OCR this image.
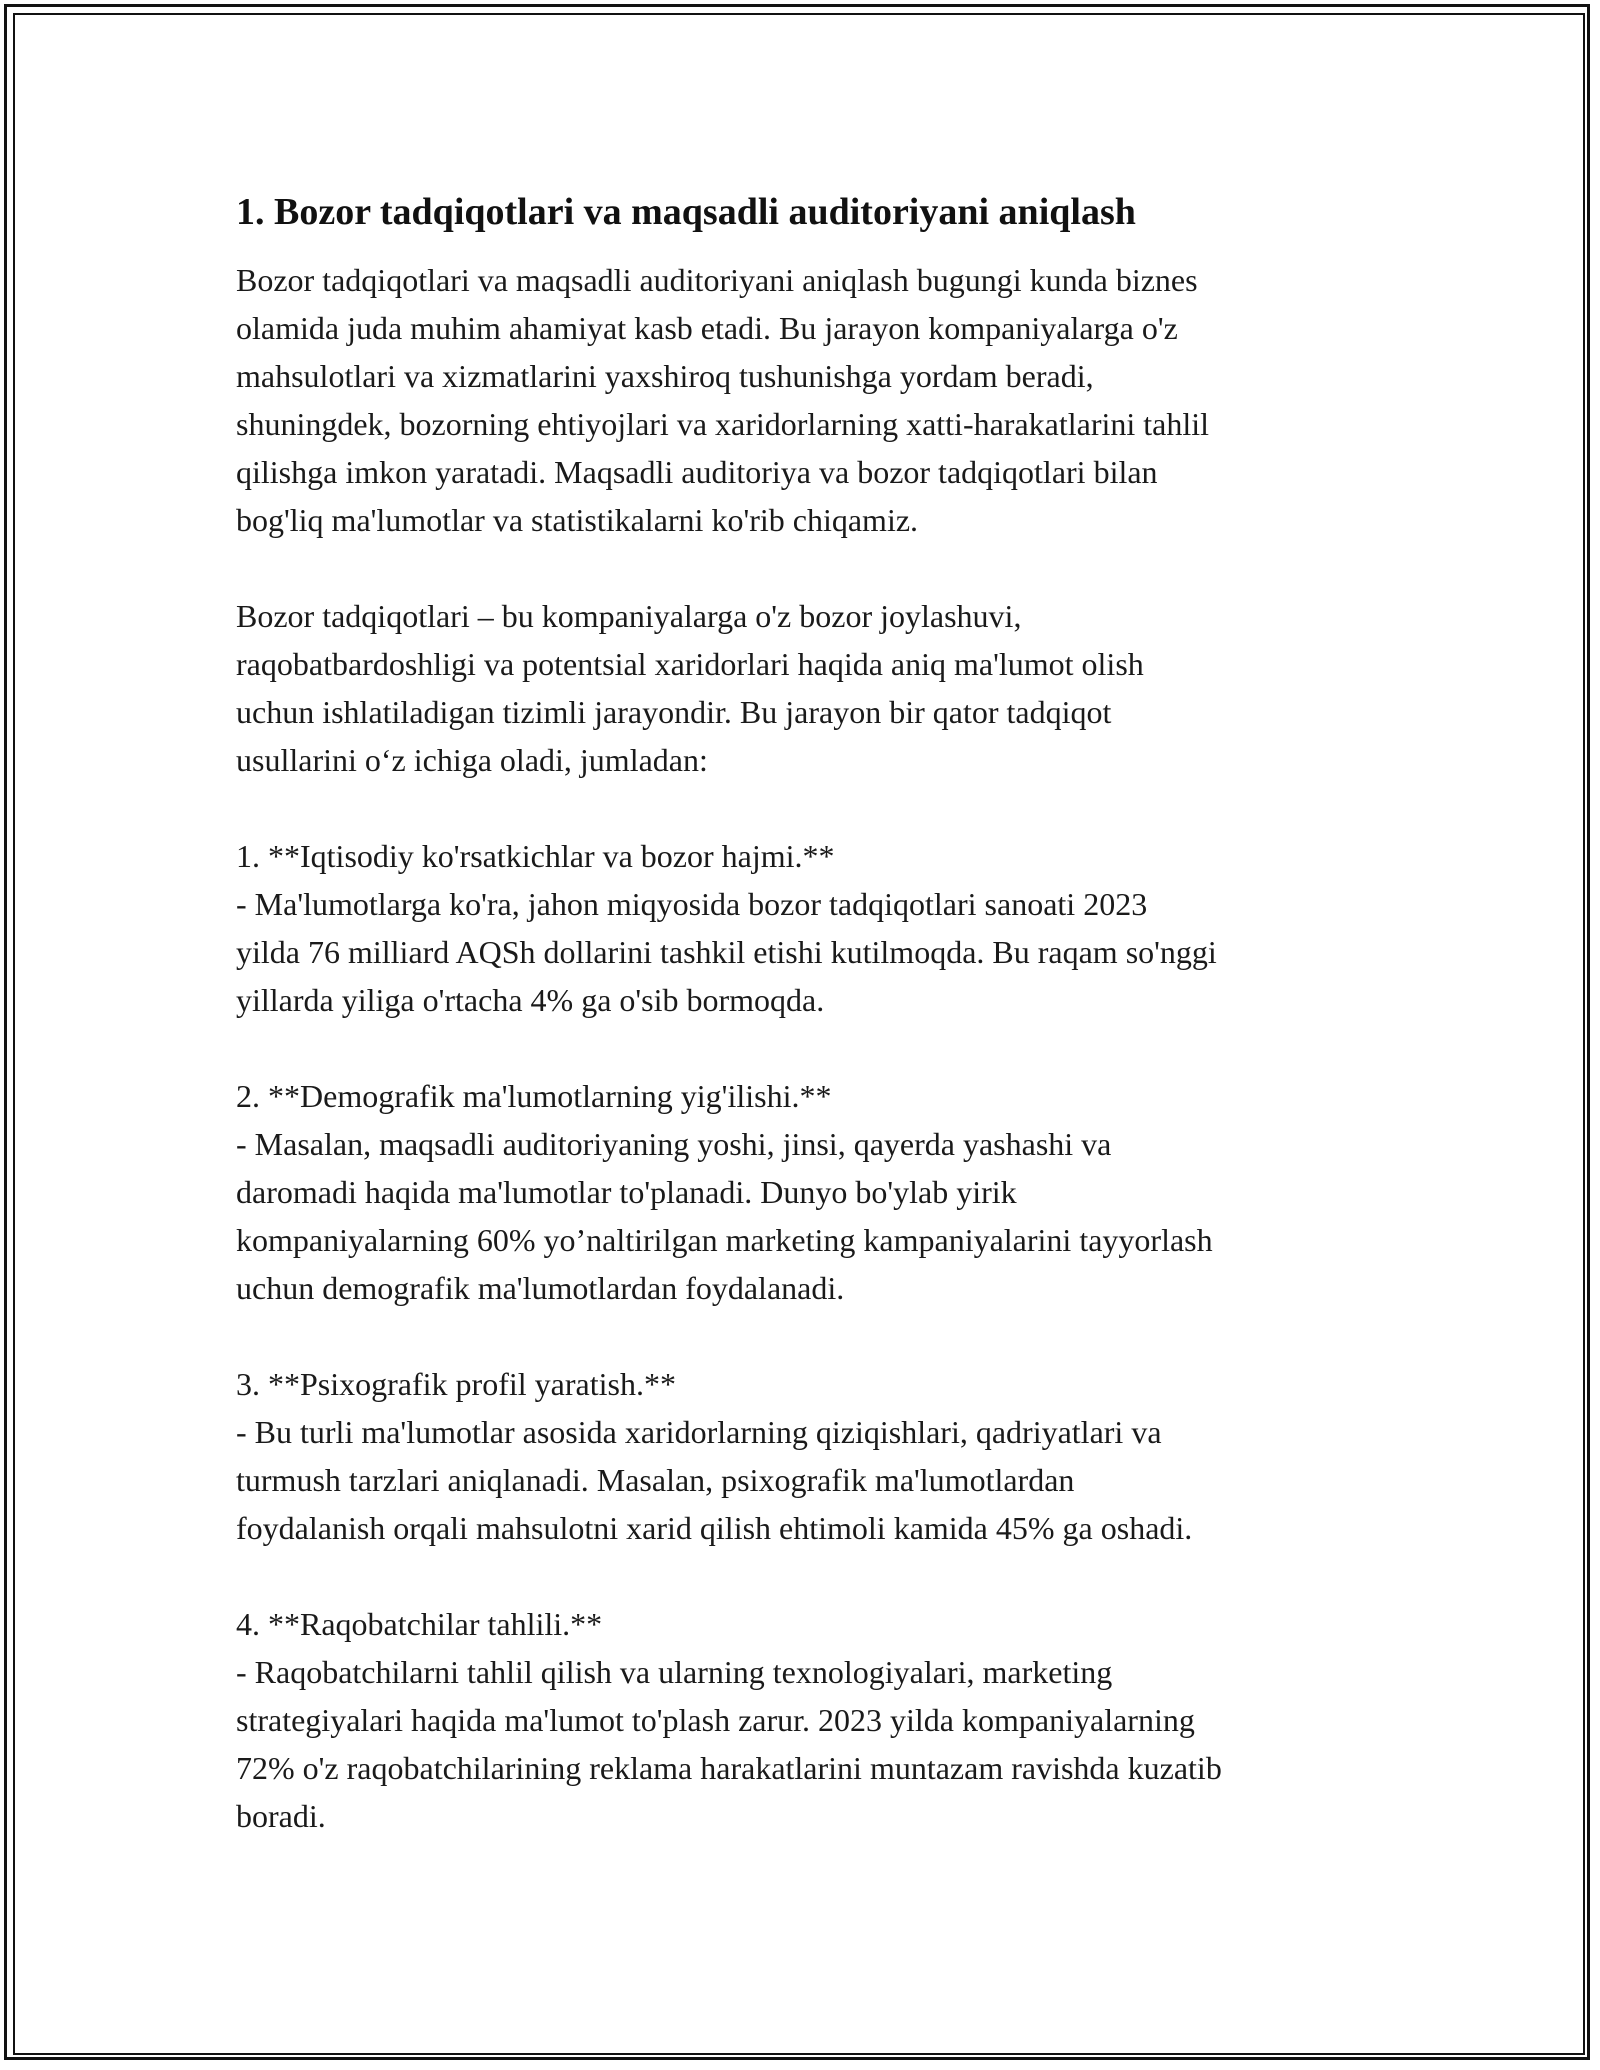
1. Bozor tadqiqotlari va maqsadli auditoriyani aniqlash

Bozor tadqiqotlari va maqsadli auditoriyani aniqlash bugungi kunda biznes
olamida juda muhim ahamiyat kasb etadi. Bu jarayon kompaniyalarga o'z
mahsulotlari va xizmatlarini yaxshiroq tushunishga yordam beradi,
shuningdek, bozorning ehtiyojlari va xaridorlarning xatti-harakatlarini tahlil
qilishga imkon yaratadi. Maqsadli auditoriya va bozor tadqiqotlari bilan
bog'liq ma'lumotlar va statistikalarni ko'rib chiqamiz.

Bozor tadqiqotlari – bu kompaniyalarga o'z bozor joylashuvi,
raqobatbardoshligi va potentsial xaridorlari haqida aniq ma'lumot olish
uchun ishlatiladigan tizimli jarayondir. Bu jarayon bir qator tadqiqot
usullarini o‘z ichiga oladi, jumladan:

1. **Iqtisodiy ko'rsatkichlar va bozor hajmi.**

- Ma'lumotlarga ko'ra, jahon miqyosida bozor tadqiqotlari sanoati 2023
yilda 76 milliard AQSh dollarini tashkil etishi kutilmoqda. Bu raqam so'nggi
yillarda yiliga o'rtacha 4% ga o'sib bormoqda.

2. **Demografik ma'lumotlarning yig'ilishi.**

- Masalan, maqsadli auditoriyaning yoshi, jinsi, qayerda yashashi va
daromadi haqida ma'lumotlar to'planadi. Dunyo bo'ylab yirik
kompaniyalarning 60% yo’naltirilgan marketing kampaniyalarini tayyorlash
uchun demografik ma'lumotlardan foydalanadi.

3. **Psixografik profil yaratish.**

- Bu turli ma'lumotlar asosida xaridorlarning qiziqishlari, qadriyatlari va
turmush tarzlari aniqlanadi. Masalan, psixografik ma'lumotlardan
foydalanish orqali mahsulotni xarid qilish ehtimoli kamida 45% ga oshadi.

4. **Raqobatchilar tahlili.**

- Raqobatchilarni tahlil qilish va ularning texnologiyalari, marketing
strategiyalari haqida ma'lumot to'plash zarur. 2023 yilda kompaniyalarning
72% o'z raqobatchilarining reklama harakatlarini muntazam ravishda kuzatib
boradi.
